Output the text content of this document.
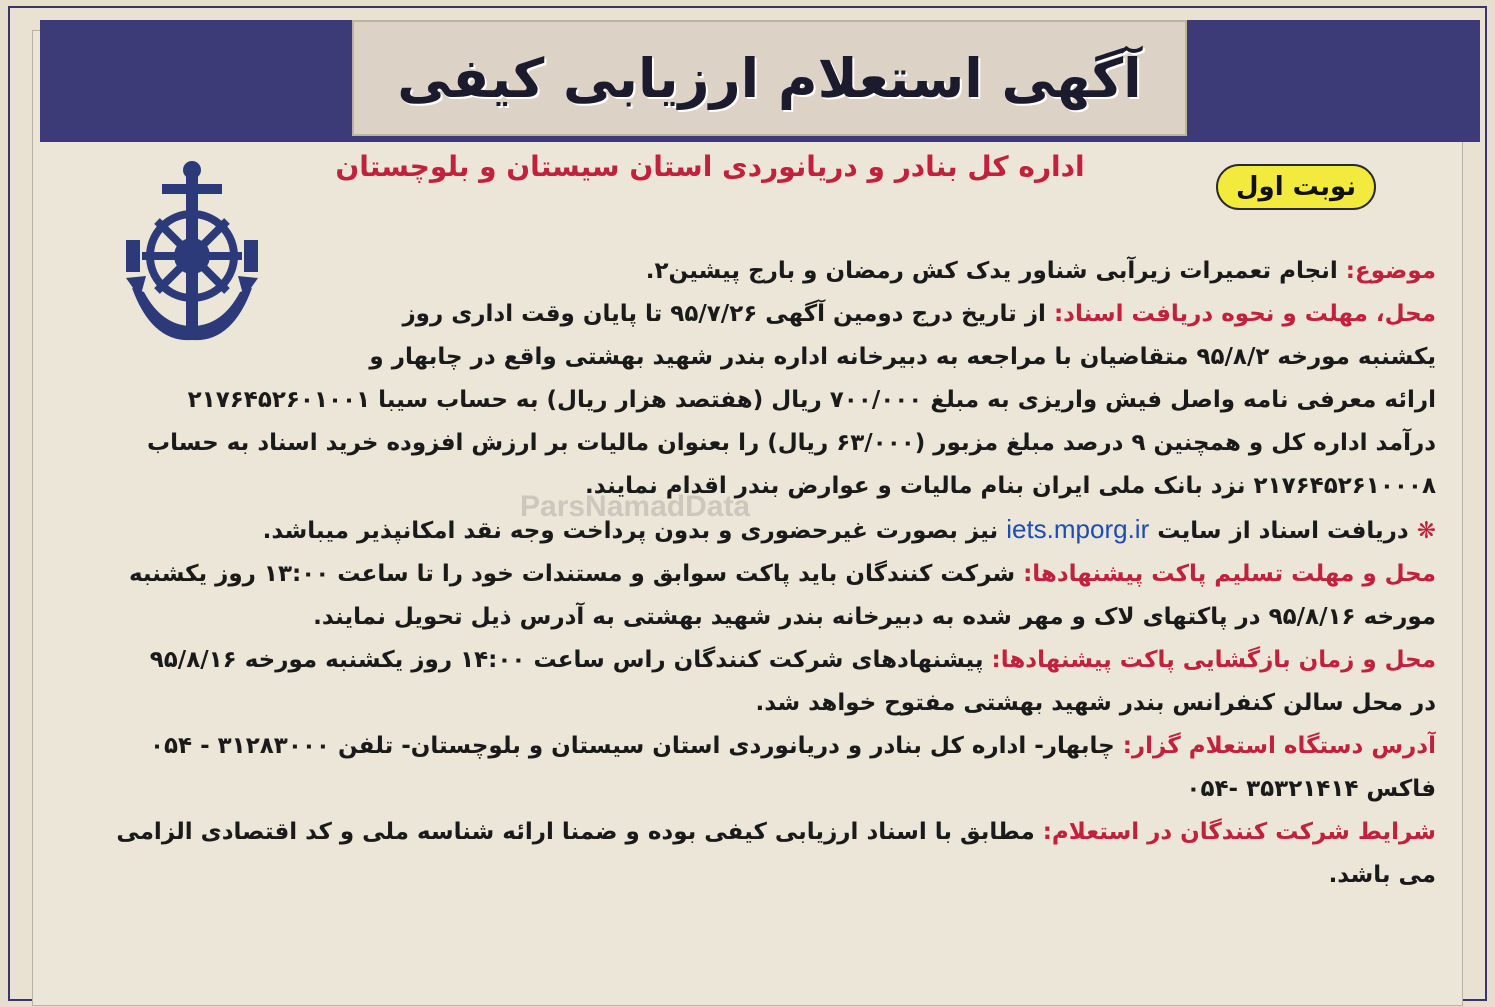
آگهی استعلام ارزیابی کیفی
اداره کل بنادر و دریانوردی استان سیستان و بلوچستان
نوبت اول
ParsNamadData
موضوع: انجام تعمیرات زیرآبی شناور یدک کش رمضان و بارج پیشین۲.
محل، مهلت و نحوه دریافت اسناد: از تاریخ درج دومین آگهی ۹۵/۷/۲۶ تا پایان وقت اداری روز
یکشنبه مورخه ۹۵/۸/۲ متقاضیان با مراجعه به دبیرخانه اداره بندر شهید بهشتی واقع در چابهار و
ارائه معرفی نامه واصل فیش واریزی به مبلغ ۷۰۰/۰۰۰ ریال (هفتصد هزار ریال) به حساب سیبا ۲۱۷۶۴۵۲۶۰۱۰۰۱
درآمد اداره کل و همچنین ۹ درصد مبلغ مزبور (۶۳/۰۰۰ ریال) را بعنوان مالیات بر ارزش افزوده خرید اسناد به حساب
۲۱۷۶۴۵۲۶۱۰۰۰۸ نزد بانک ملی ایران بنام مالیات و عوارض بندر اقدام نمایند.
❋ دریافت اسناد از سایت iets.mporg.ir نیز بصورت غیرحضوری و بدون پرداخت وجه نقد امکانپذیر میباشد.
محل و مهلت تسلیم پاکت پیشنهادها: شرکت کنندگان باید پاکت سوابق و مستندات خود را تا ساعت ۱۳:۰۰ روز یکشنبه
مورخه ۹۵/۸/۱۶ در پاکتهای لاک و مهر شده به دبیرخانه بندر شهید بهشتی به آدرس ذیل تحویل نمایند.
محل و زمان بازگشایی پاکت پیشنهادها: پیشنهادهای شرکت کنندگان راس ساعت ۱۴:۰۰ روز یکشنبه مورخه ۹۵/۸/۱۶
در محل سالن کنفرانس بندر شهید بهشتی مفتوح خواهد شد.
آدرس دستگاه استعلام گزار: چابهار- اداره کل بنادر و دریانوردی استان سیستان و بلوچستان- تلفن ۳۱۲۸۳۰۰۰ - ۰۵۴
فاکس ۳۵۳۲۱۴۱۴ -۰۵۴
شرایط شرکت کنندگان در استعلام: مطابق با اسناد ارزیابی کیفی بوده و ضمنا ارائه شناسه ملی و کد اقتصادی الزامی
می باشد.
